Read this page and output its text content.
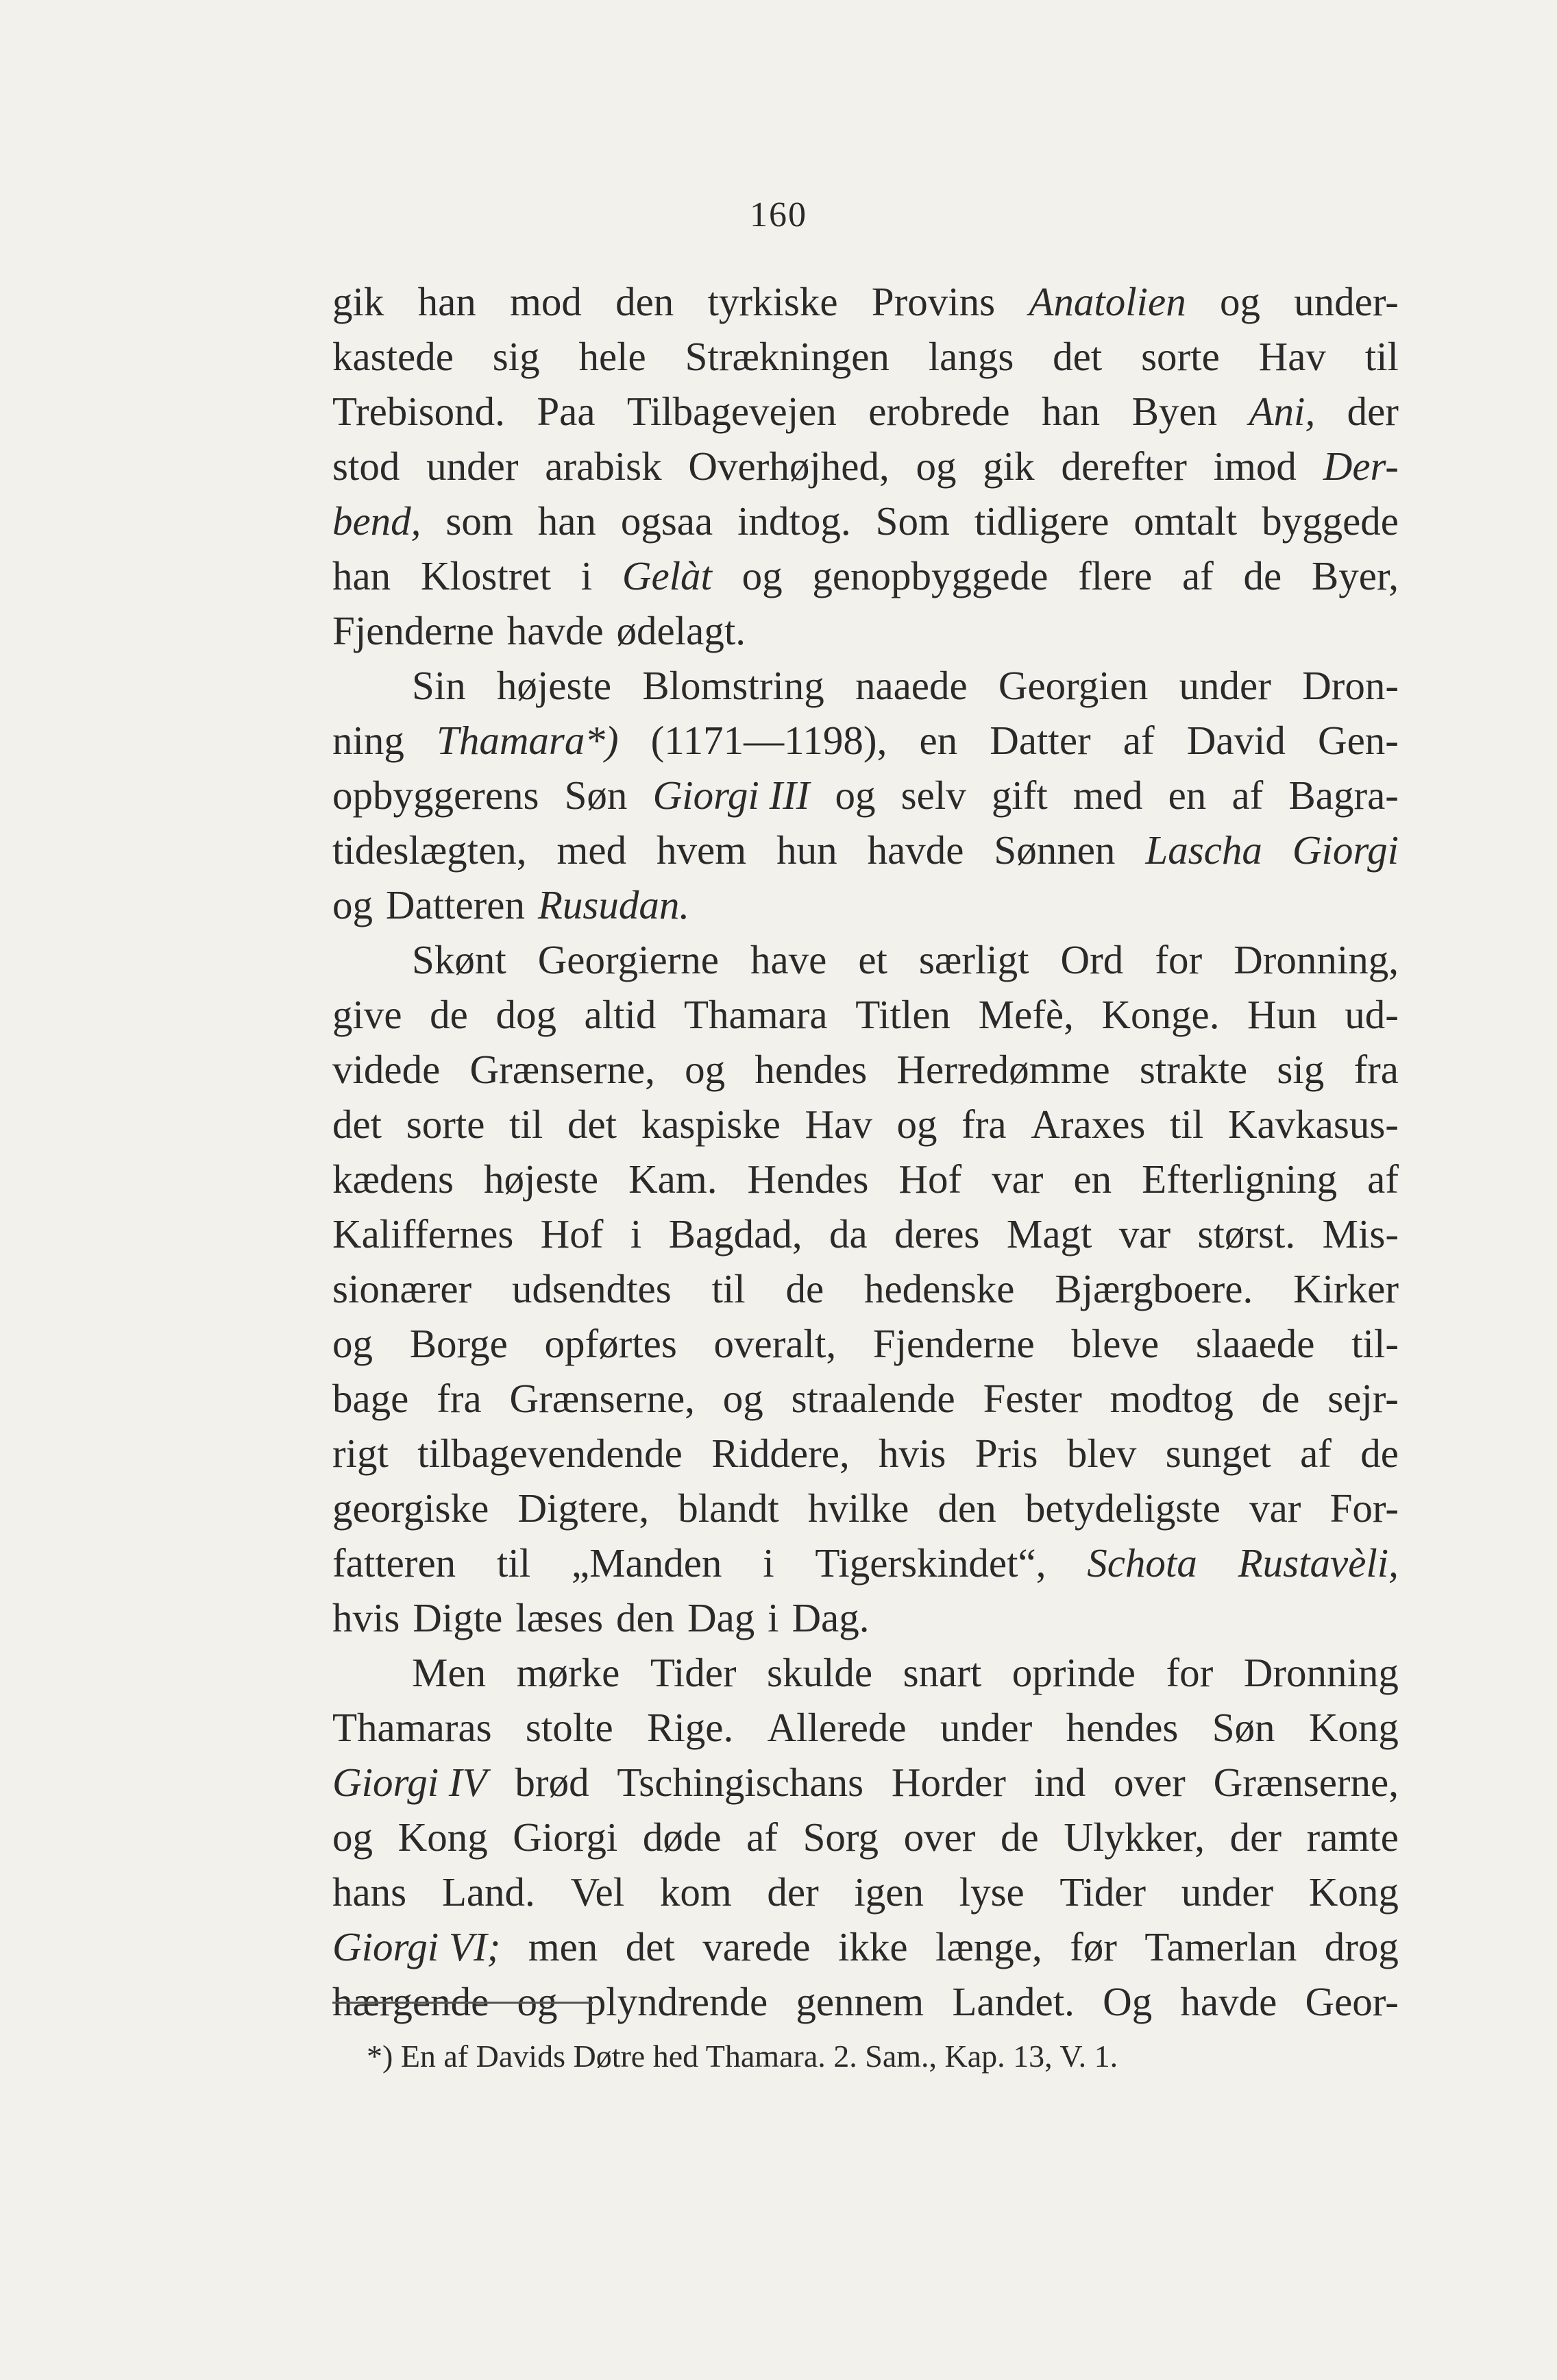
160
gik han mod den tyrkiske Provins Anatolien og under-
kastede sig hele Strækningen langs det sorte Hav til
Trebisond. Paa Tilbagevejen erobrede han Byen Ani, der
stod under arabisk Overhøjhed, og gik derefter imod Der-
bend, som han ogsaa indtog. Som tidligere omtalt byggede
han Klostret i Gelàt og genopbyggede flere af de Byer,
Fjenderne havde ødelagt.
Sin højeste Blomstring naaede Georgien under Dron-
ning Thamara*) (1171—1198), en Datter af David Gen-
opbyggerens Søn Giorgi III og selv gift med en af Bagra-
tideslægten, med hvem hun havde Sønnen Lascha Giorgi
og Datteren Rusudan.
Skønt Georgierne have et særligt Ord for Dronning,
give de dog altid Thamara Titlen Mefè, Konge. Hun ud-
videde Grænserne, og hendes Herredømme strakte sig fra
det sorte til det kaspiske Hav og fra Araxes til Kavkasus-
kædens højeste Kam. Hendes Hof var en Efterligning af
Kaliffernes Hof i Bagdad, da deres Magt var størst. Mis-
sionærer udsendtes til de hedenske Bjærgboere. Kirker
og Borge opførtes overalt, Fjenderne bleve slaaede til-
bage fra Grænserne, og straalende Fester modtog de sejr-
rigt tilbagevendende Riddere, hvis Pris blev sunget af de
georgiske Digtere, blandt hvilke den betydeligste var For-
fatteren til „Manden i Tigerskindet“, Schota Rustavèli,
hvis Digte læses den Dag i Dag.
Men mørke Tider skulde snart oprinde for Dronning
Thamaras stolte Rige. Allerede under hendes Søn Kong
Giorgi IV brød Tschingischans Horder ind over Grænserne,
og Kong Giorgi døde af Sorg over de Ulykker, der ramte
hans Land. Vel kom der igen lyse Tider under Kong
Giorgi VI; men det varede ikke længe, før Tamerlan drog
hærgende og plyndrende gennem Landet. Og havde Geor-
*) En af Davids Døtre hed Thamara. 2. Sam., Kap. 13, V. 1.
